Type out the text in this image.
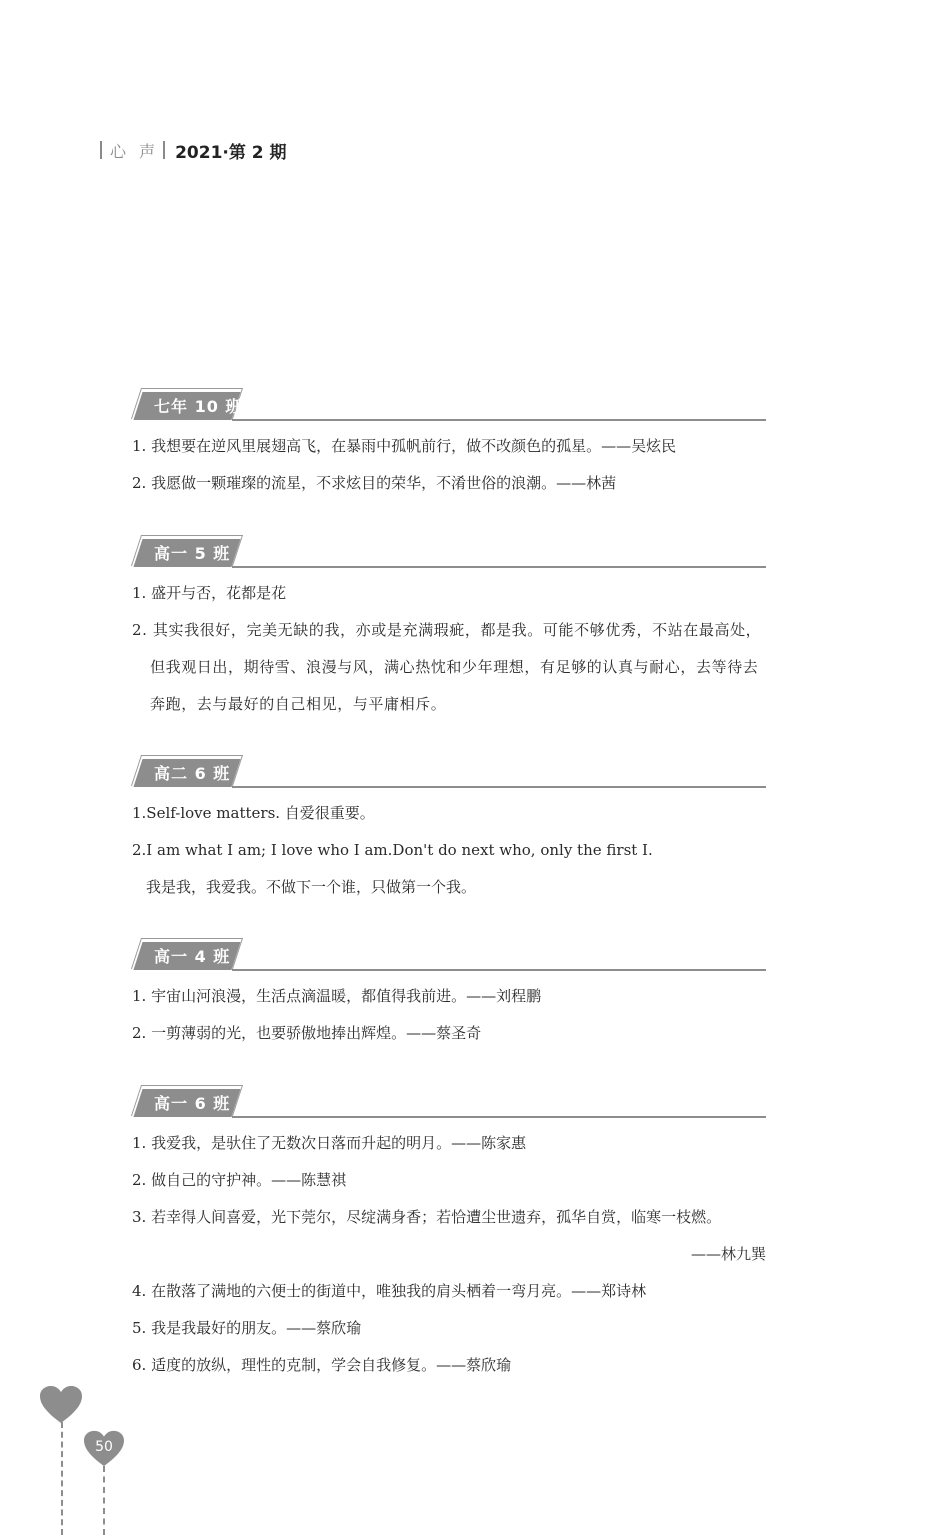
心 声 2021·第 2 期
七年 10 班
1. 我想要在逆风里展翅高飞，在暴雨中孤帆前行，做不改颜色的孤星。——吴炫民
2. 我愿做一颗璀璨的流星，不求炫目的荣华，不淆世俗的浪潮。——林茜
高一 5 班
1. 盛开与否，花都是花
2. 其实我很好，完美无缺的我，亦或是充满瑕疵，都是我。可能不够优秀，不站在最高处，但我观日出，期待雪、浪漫与风，满心热忱和少年理想，有足够的认真与耐心，去等待去奔跑，去与最好的自己相见，与平庸相斥。
高二 6 班
1.Self-love matters. 自爱很重要。
2.I am what I am; I love who I am.Don't do next who, only the first I.
我是我，我爱我。不做下一个谁，只做第一个我。
高一 4 班
1. 宇宙山河浪漫，生活点滴温暖，都值得我前进。——刘程鹏
2. 一剪薄弱的光，也要骄傲地捧出辉煌。——蔡圣奇
高一 6 班
1. 我爱我，是驮住了无数次日落而升起的明月。——陈家惠
2. 做自己的守护神。——陈慧祺
3. 若幸得人间喜爱，光下莞尔，尽绽满身香；若恰遭尘世遗弃，孤华自赏，临寒一枝燃。
——林九巽
4. 在散落了满地的六便士的街道中，唯独我的肩头栖着一弯月亮。——郑诗林
5. 我是我最好的朋友。——蔡欣瑜
6. 适度的放纵，理性的克制，学会自我修复。——蔡欣瑜
50
